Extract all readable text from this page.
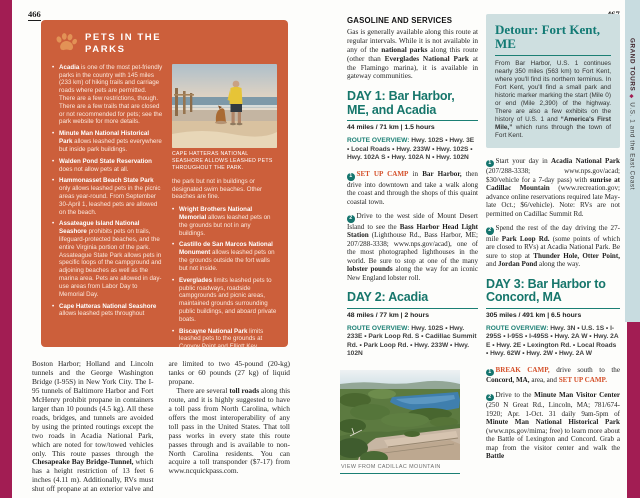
GRAND TOURS ◆ U.S. 1 and the East Coast
466
PETS IN THE PARKS
• Acadia is one of the most pet-friendly parks in the country with 145 miles (233 km) of hiking trails and carriage roads where pets are permitted. There are a few restrictions, though. There are a few trails that are closed or not recommended for pets; see the park website for more details.
• Minute Man National Historical Park allows leashed pets everywhere but inside park buildings.
• Walden Pond State Reservation does not allow pets at all.
• Hammonasset Beach State Park only allows leashed pets in the picnic areas year-round. From September 30-April 1, leashed pets are allowed on the beach.
• Assateague Island National Seashore prohibits pets on trails, lifeguard-protected beaches, and the entire Virginia portion of the park. Assateague State Park allows pets in specific loops of the campground and adjoining beaches as well as the marina area. Pets are allowed in day-use areas from Labor Day to Memorial Day.
• Cape Hatteras National Seashore allows leashed pets throughout

CAPE HATTERAS NATIONAL SEASHORE ALLOWS LEASHED PETS THROUGHOUT THE PARK.

the park but not in buildings or designated swim beaches. Other beaches are fine.

• Wright Brothers National Memorial allows leashed pets on the grounds but not in any buildings.
• Castillo de San Marcos National Monument allows leashed pets on the grounds outside the fort walls but not inside.
• Everglades limits leashed pets to public roadways, roadside campgrounds and picnic areas, maintained grounds surrounding public buildings, and aboard private boats.
• Biscayne National Park limits leashed pets to the grounds at Convoy Point and Elliott Key.

Boston Harbor; Holland and Lincoln tunnels and the George Washington Bridge (I-95S) in New York City. The I-95 tunnels of Baltimore Harbor and Fort McHenry prohibit propane in containers larger than 10 pounds (4.5 kg). All these roads, bridges, and tunnels are avoided by using the printed routings except the two roads in Acadia National Park, which are noted for tow/towed vehicles only. This route passes through the Chesapeake Bay Bridge-Tunnel, which has a height restriction of 13 feet 6 inches (4.11 m). Additionally, RVs must shut off propane at an exterior valve and are limited to two 45-pound (20-kg) tanks or 60 pounds (27 kg) of liquid propane.

There are several toll roads along this route, and it is highly suggested to have a toll pass from North Carolina, which offers the most interoperability of any toll pass in the United States. That toll pass works in every state this route passes through and is available to non-North Carolina residents. You can acquire a toll transponder ($7-17) from www.ncquickpass.com.

GASOLINE AND SERVICES

Gas is generally available along this route at regular intervals. While it is not available in any of the national parks along this route (other than Everglades National Park at the Flamingo marina), it is available in gateway communities.

DAY 1: Bar Harbor, ME, and Acadia

44 miles / 71 km | 1.5 hours

ROUTE OVERVIEW: Hwy. 102S • Hwy. 3E • Local Roads • Hwy. 233W • Hwy. 102S • Hwy. 102A S • Hwy. 102A N • Hwy. 102N

1 SET UP CAMP in Bar Harbor, then drive into downtown and take a walk along the coast and through the shops of this quaint coastal town.

2 Drive to the west side of Mount Desert Island to see the Bass Harbor Head Light Station (Lighthouse Rd., Bass Harbor, ME; 207/288-3338; www.nps.gov/acad), one of the most photographed lighthouses in the world. Be sure to stop at one of the many lobster pounds along the way for an iconic New England lobster roll.

DAY 2: Acadia

48 miles / 77 km | 2 hours

ROUTE OVERVIEW: Hwy. 102S • Hwy. 233E • Park Loop Rd. S • Cadillac Summit Rd. • Park Loop Rd. • Hwy. 233W • Hwy. 102N

VIEW FROM CADILLAC MOUNTAIN

Detour: Fort Kent, ME

From Bar Harbor, U.S. 1 continues nearly 350 miles (563 km) to Fort Kent, where you'll find its northern terminus. In Fort Kent, you'll find a small park and historic marker marking the start (Mile 0) or end (Mile 2,390) of the highway. There are also a few exhibits on the history of U.S. 1 and “America's First Mile,” which runs through the town of Fort Kent.

1 Start your day in Acadia National Park (207/288-3338; www.nps.gov/acad; $30/vehicle for a 7-day pass) with sunrise at Cadillac Mountain (www.recreation.gov; advance online reservations required late May-late Oct.; $6/vehicle). Note: RVs are not permitted on Cadillac Summit Rd.

2 Spend the rest of the day driving the 27-mile Park Loop Rd. (some points of which are closed to RVs) at Acadia National Park. Be sure to stop at Thunder Hole, Otter Point, and Jordan Pond along the way.

DAY 3: Bar Harbor to Concord, MA

305 miles / 491 km | 6.5 hours

ROUTE OVERVIEW: Hwy. 3N • U.S. 1S • I-295S • I-95S • I-495S • Hwy. 2A W • Hwy. 2A E • Hwy. 2E • Lexington Rd. • Local Roads • Hwy. 62W • Hwy. 2W • Hwy. 2A W

1 BREAK CAMP, drive south to the Concord, MA, area, and SET UP CAMP.

2 Drive to the Minute Man Visitor Center (250 N Great Rd., Lincoln, MA; 781/674-1920; Apr. 1-Oct. 31 daily 9am-5pm of Minute Man National Historical Park (www.nps.gov/mima; free) to learn more about the Battle of Lexington and Concord. Grab a map from the visitor center and walk the Battle
